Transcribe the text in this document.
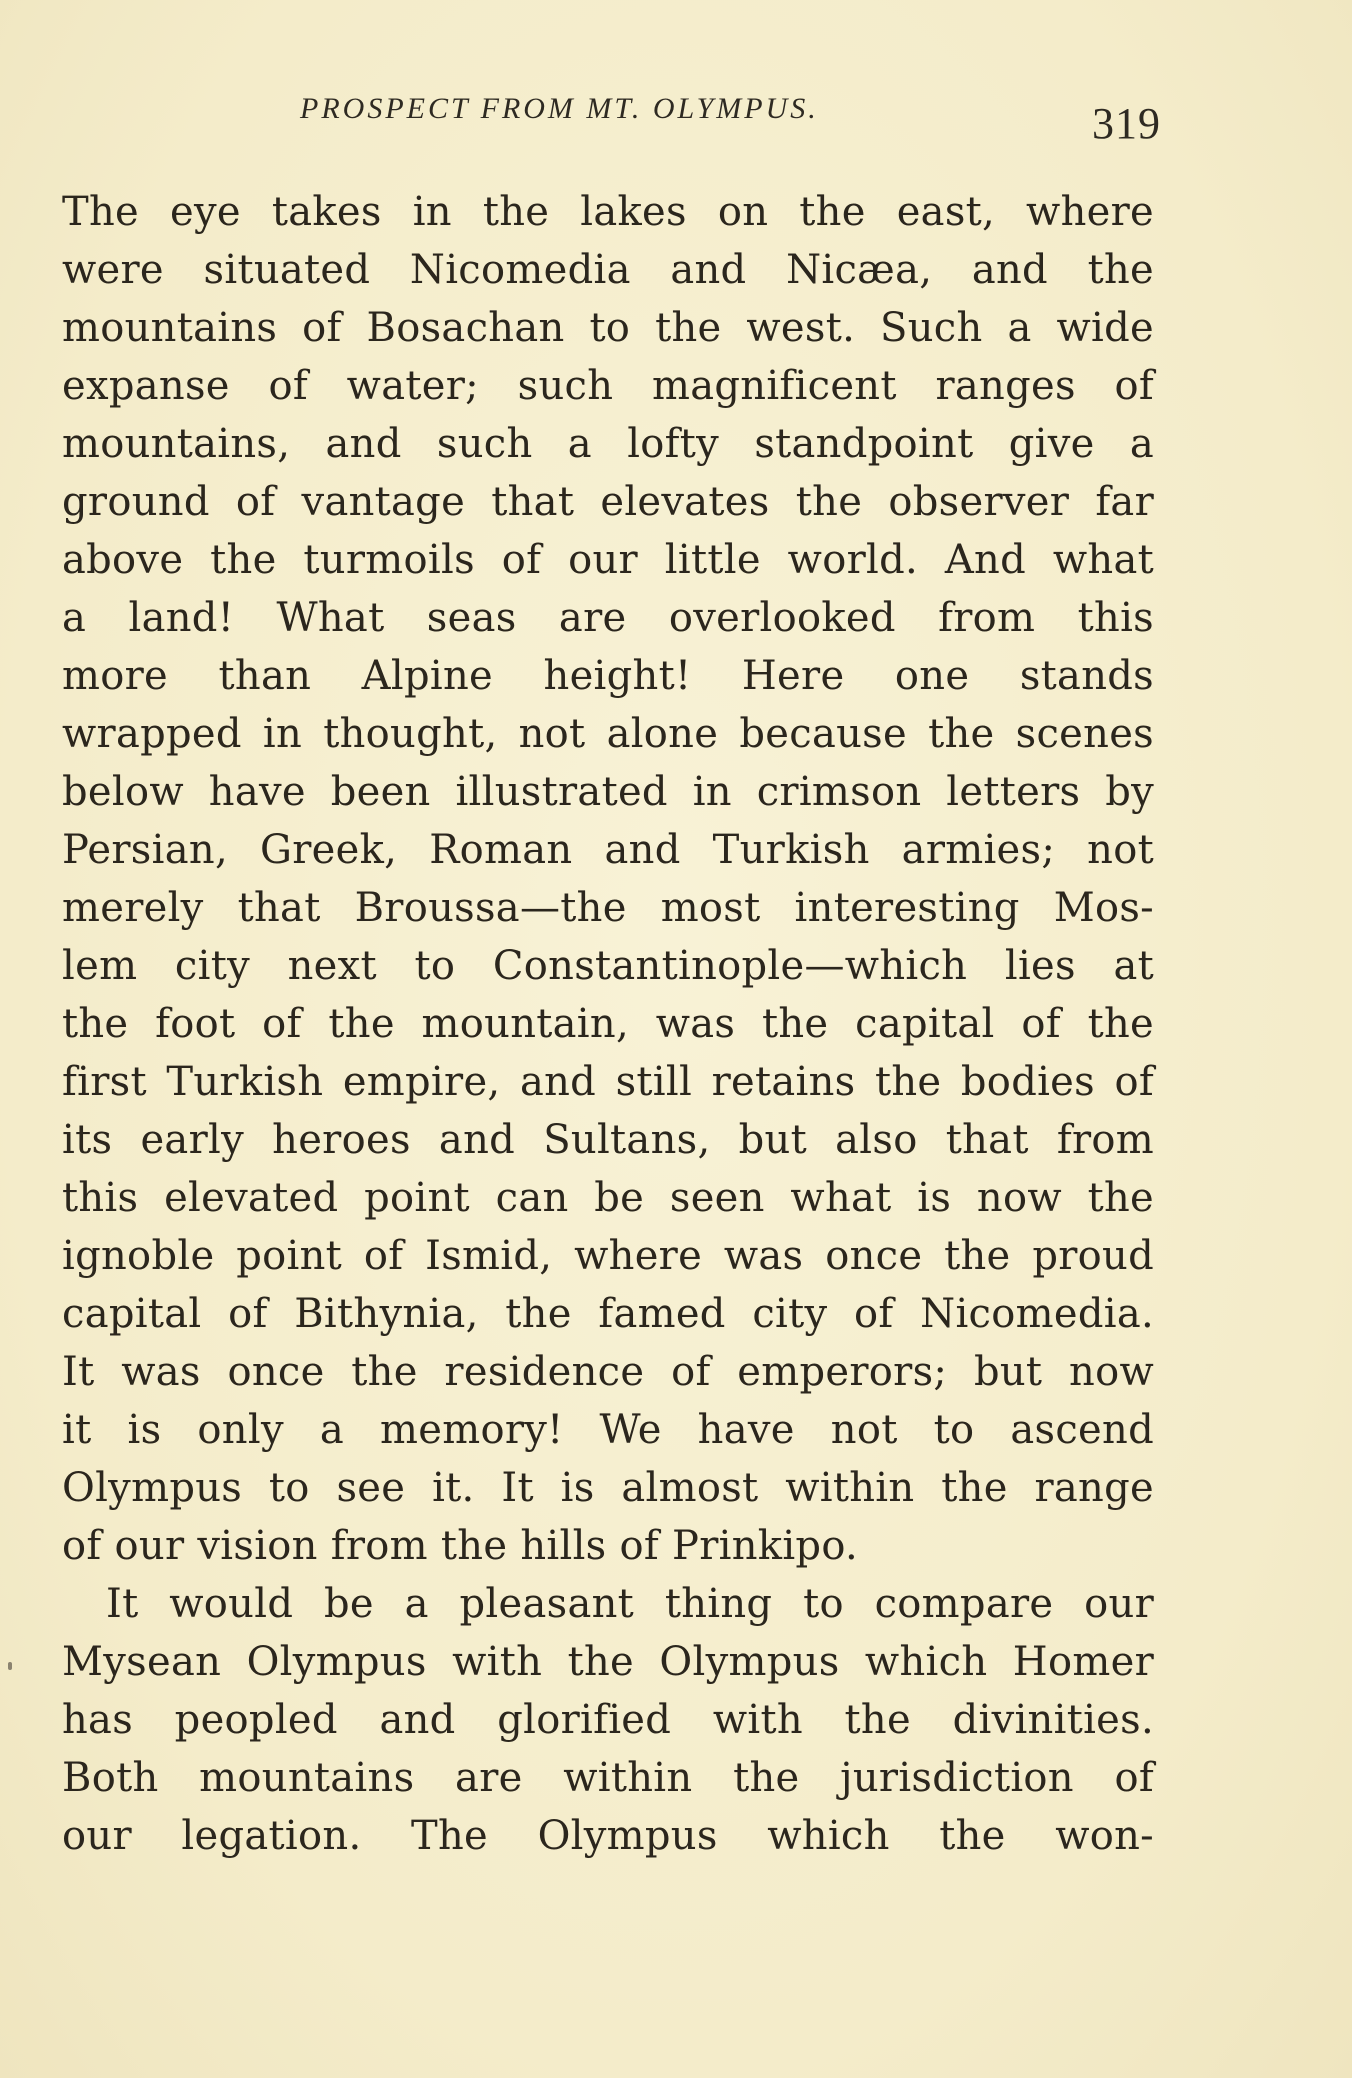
PROSPECT FROM MT. OLYMPUS.	319
The eye takes in the lakes on the east, where
were situated Nicomedia and Nicæa, and the
mountains of Bosachan to the west. Such a wide
expanse of water; such magnificent ranges of
mountains, and such a lofty standpoint give a
ground of vantage that elevates the observer far
above the turmoils of our little world. And what
a land! What seas are overlooked from this
more than Alpine height! Here one stands
wrapped in thought, not alone because the scenes
below have been illustrated in crimson letters by
Persian, Greek, Roman and Turkish armies; not
merely that Broussa—the most interesting Mos-
lem city next to Constantinople—which lies at
the foot of the mountain, was the capital of the
first Turkish empire, and still retains the bodies of
its early heroes and Sultans, but also that from
this elevated point can be seen what is now the
ignoble point of Ismid, where was once the proud
capital of Bithynia, the famed city of Nicomedia.
It was once the residence of emperors; but now
it is only a memory! We have not to ascend
Olympus to see it. It is almost within the range
of our vision from the hills of Prinkipo.
It would be a pleasant thing to compare our
Mysean Olympus with the Olympus which Homer
has peopled and glorified with the divinities.
Both mountains are within the jurisdiction of
our legation. The Olympus which the won-
